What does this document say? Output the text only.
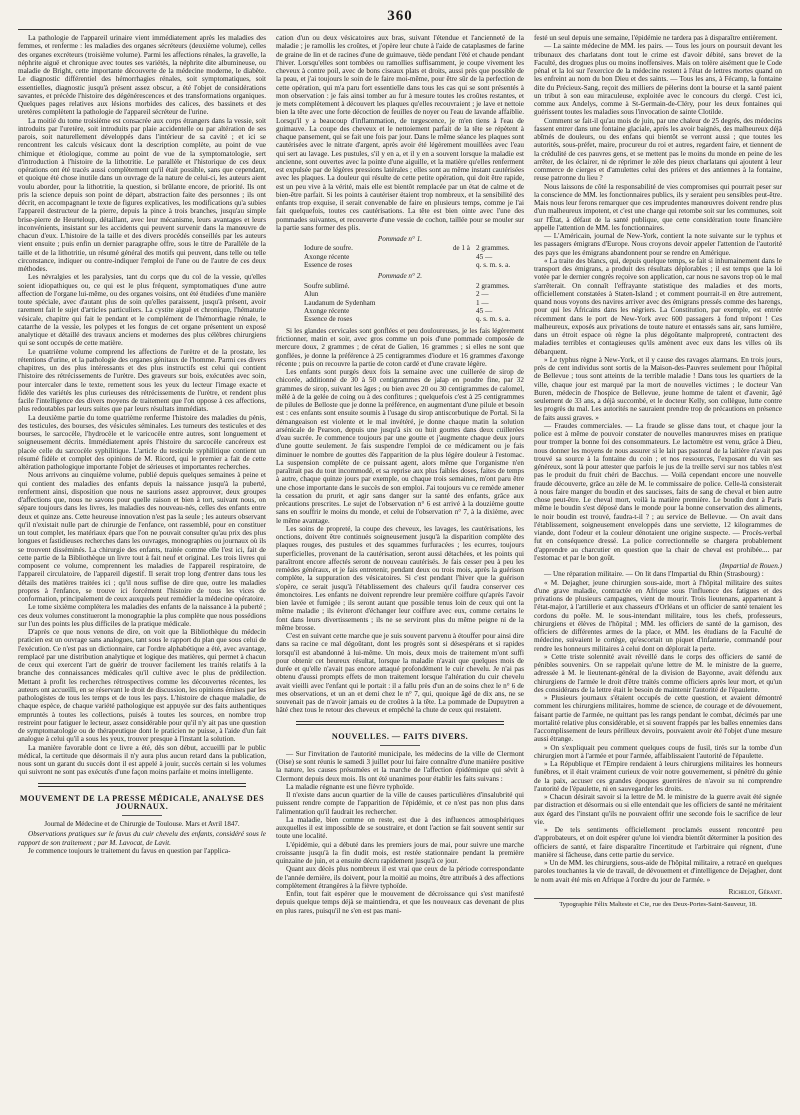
360

La pathologie de l'appareil urinaire vient immédiatement après les maladies des femmes, et renferme : les maladies des organes sécréteurs (deuxième volume), celles des organes excréteurs (troisième volume). Parmi les affections rénales, la gravelle, la néphrite aiguë et chronique avec toutes ses variétés, la néphrite dite albumineuse, ou maladie de Bright, cette importante découverte de la médecine moderne, le diabète. Le diagnostic différentiel des hémorrhagies rénales, soit symptomatiques, soit essentielles, diagnostic jusqu'à présent assez obscur, a été l'objet de considérations savantes, et précède l'histoire des dégénérescences et des transformations organiques. Quelques pages relatives aux lésions morbides des calices, des bassinets et des uretères complètent la pathologie de l'appareil sécréteur de l'urine.

La moitié du tome troisième est consacrée aux corps étrangers dans la vessie, soit introduits par l'uretère, soit introduits par plaie accidentelle ou par altération de ses parois, soit naturellement développés dans l'intérieur de sa cavité ; et ici se rencontrent les calculs vésicaux dont la description complète, au point de vue chimique et étiologique, comme au point de vue de la symptomatologie, sert d'introduction à l'histoire de la lithotritie. Le parallèle et l'historique de ces deux opérations ont été tracés aussi complètement qu'il était possible, sans que cependant, et quoique été chose inutile dans un ouvrage de la nature de celui-ci, les auteurs aient voulu aborder, pour la lithotritie, la question, si brûlante encore, de priorité. Ils ont pris la science depuis son point de départ, abstraction faite des personnes ; ils ont décrit, en accompagnant le texte de figures explicatives, les modifications qu'a subies l'appareil destructeur de la pierre, depuis la pince à trois branches, jusqu'au simple brise-pierre de Heurteloup, détaillant, avec leur mécanisme, leurs avantages et leurs inconvénients, insistant sur les accidents qui peuvent survenir dans la manœuvre de chacun d'eux. L'histoire de la taille et des divers procédés conseillés par les auteurs vient ensuite ; puis enfin un dernier paragraphe offre, sous le titre de Parallèle de la taille et de la lithotritie, un résumé général des motifs qui peuvent, dans telle ou telle circonstance, indiquer ou contre-indiquer l'emploi de l'une ou de l'autre de ces deux méthodes.

Les névralgies et les paralysies, tant du corps que du col de la vessie, qu'elles soient idiopathiques ou, ce qui est le plus fréquent, symptomatiques d'une autre affection de l'organe lui-même, ou des organes voisins, ont été étudiées d'une manière toute spéciale, avec d'autant plus de soin qu'elles paraissent, jusqu'à présent, avoir rarement fait le sujet d'articles particuliers. La cystite aiguë et chronique, l'hématurie vésicale, chapitre qui fait le pendant et le complément de l'hémorrhagie rénale, le catarrhe de la vessie, les polypes et les fongus de cet organe présentent un exposé analytique et détaillé des travaux anciens et modernes des plus célèbres chirurgiens qui se sont occupés de cette matière.

Le quatrième volume comprend les affections de l'urètre et de la prostate, les rétentions d'urine, et la pathologie des organes génitaux de l'homme. Parmi ces divers chapitres, un des plus intéressants et des plus instructifs est celui qui contient l'histoire des rétrécissements de l'urètre. Des graveurs sur bois, exécutées avec soin, pour intercaler dans le texte, remettent sous les yeux du lecteur l'image exacte et fidèle des variétés les plus curieuses des rétrécissements de l'urètre, et rendent plus facile l'intelligence des divers moyens de traitement que l'on oppose à ces affections, plus redoutables par leurs suites que par leurs résultats immédiats.

La deuxième partie du tome quatrième renferme l'histoire des maladies du pénis, des testicules, des bourses, des vésicules séminales. Les tumeurs des testicules et des bourses, le sarcocèle, l'hydrocèle et le varicocèle entre autres, sont longuement et soigneusement décrits. Immédiatement après l'histoire du sarcocèle cancéreux est placée celle du sarcocèle syphilitique. L'article du testicule syphilitique contient un résumé fidèle et complet des opinions de M. Ricord, qui le premier a fait de cette altération pathologique importante l'objet de sérieuses et importantes recherches.

Nous arrivons au cinquième volume, publié depuis quelques semaines à peine et qui contient des maladies des enfants depuis la naissance jusqu'à la puberté, renferment ainsi, disposition que nous ne saurions assez approuver, deux groupes d'affections que, nous ne savons pour quelle raison et bien à tort, suivant nous, on sépare toujours dans les livres, les maladies des nouveau-nés, celles des enfants entre deux et quinze ans. Cette heureuse innovation n'est pas la seule ; les auteurs observant qu'il n'existait nulle part de chirurgie de l'enfance, ont rassemblé, pour en constituer un tout complet, les matériaux épars que l'on ne pouvait consulter qu'au prix des plus longues et fastidieuses recherches dans les ouvrages, monographies ou journaux où ils se trouvent disséminés. La chirurgie des enfants, traitée comme elle l'est ici, fait de cette partie de la Bibliothèque un livre tout à fait neuf et original. Les trois livres qui composent ce volume, comprennent les maladies de l'appareil respiratoire, de l'appareil circulatoire, de l'appareil digestif. Il serait trop long d'entrer dans tous les détails des matières traitées ici ; qu'il nous suffise de dire que, outre les maladies propres à l'enfance, se trouve ici forcément l'histoire de tous les vices de conformation, principalement de ceux auxquels peut remédier la médecine opératoire.

Le tome sixième complétera les maladies des enfants de la naissance à la puberté ; ces deux volumes constitueront la monographie la plus complète que nous possédions sur l'un des points les plus difficiles de la pratique médicale.

D'après ce que nous venons de dire, on voit que la Bibliothèque du médecin praticien est un ouvrage sans analogues, tant sous le rapport du plan que sous celui de l'exécution. Ce n'est pas un dictionnaire, car l'ordre alphabétique a été, avec avantage, remplacé par une distribution analytique et logique des matières, qui permet à chacun de ceux qui exercent l'art de guérir de trouver facilement les traités relatifs à la branche des connaissances médicales qu'il cultive avec le plus de prédilection. Mettant à profit les recherches rétrospectives comme les découvertes récentes, les auteurs ont accueilli, en se réservant le droit de discussion, les opinions émises par les pathologistes de tous les temps et de tous les pays. L'histoire de chaque maladie, de chaque espèce, de chaque variété pathologique est appuyée sur des faits authentiques empruntés à toutes les collections, puisés à toutes les sources, en nombre trop restreint pour fatiguer le lecteur, assez considérable pour qu'il n'y ait pas une question de symptomatologie ou de thérapeutique dont le praticien ne puisse, à l'aide d'un fait analogue à celui qu'il a sous les yeux, trouver presque à l'instant la solution.

La manière favorable dont ce livre a été, dès son début, accueilli par le public médical, la certitude que désormais il n'y aura plus aucun retard dans la publication, nous sont un garant du succès dont il est appelé à jouir, succès certain si les volumes qui suivront ne sont pas exécutés d'une façon moins parfaite et moins intelligente.

MOUVEMENT DE LA PRESSE MÉDICALE, ANALYSE DES JOURNAUX.
Journal de Médecine et de Chirurgie de Toulouse. Mars et Avril 1847.

Observations pratiques sur le favus du cuir chevelu des enfants, considéré sous le rapport de son traitement ; par M. Lavocat, de Lavit.

Je commence toujours le traitement du favus en question par l'applica-

cation d'un ou deux vésicatoires aux bras, suivant l'étendue et l'ancienneté de la maladie ; je ramollis les croûtes, et j'opère leur chute à l'aide de cataplasmes de farine de graine de lin et de racines d'une de guimauve, tiède pendant l'été et chaude pendant l'hiver. Lorsqu'elles sont tombées ou ramollies suffisamment, je coupe vivement les cheveux à contre poil, avec de bons ciseaux plats et droits, aussi près que possible de la peau, et j'ai toujours le soin de le faire moi-même, pour être sûr de la perfection de cette opération, qui m'a paru fort essentielle dans tous les cas qui se sont présentés à mon observation : je fais ainsi tomber au fur à mesure toutes les croûtes restantes, et je mets complètement à découvert les plaques qu'elles recouvraient ; je lave et nettoie bien la tête avec une forte décoction de feuilles de noyer ou l'eau de lavande affaiblie. Lorsqu'il y a beaucoup d'inflammation, de turgescence, je m'en tiens à l'eau de guimauve. La coupe des cheveux et le nettoiement parfait de la tête se répètent à chaque pansement, qui se fait une fois par jour. Dans le même séance les plaques sont cautérisées avec le nitrate d'argent, après avoir été légèrement mouillées avec l'eau qui sert au lavage. Les pustules, s'il y en a, et il y en a souvent lorsque la maladie est ancienne, sont ouvertes avec la pointe d'une aiguille, et la matière qu'elles renferment est expulsée par de légères pressions latérales ; elles sont au même instant cautérisées avec les plaques. La douleur qui résulte de cette petite opération, qui doit être rapide, est un peu vive à la vérité, mais elle est bientôt remplacée par un état de calme et de bien-être parfait. Si les points à cautériser étaient trop nombreux, et la sensibilité des enfants trop exquise, il serait convenable de faire en plusieurs temps, comme je l'ai fait quelquefois, toutes ces cautérisations. La tête est bien ointe avec l'une des pommades suivantes, et recouverte d'une vessie de cochon, taillée pour se mouler sur la partie sans former des plis.

Pommade n° 1.
Iodure de soufre.	de 1 à 2 grammes.
Axonge récente	45 —
Essence de roses	q. s. m. s. a.
Pommade n° 2.
Soufre sublimé.	2 grammes.
Alun	2 —
Laudanum de Sydenham	1 —
Axonge récente	45 —
Essence de roses	q. s. m. s. a.

Si les glandes cervicales sont gonflées et peu douloureuses, je les fais légèrement frictionner, matin et soir, avec gros comme un pois d'une pommade composée de mercure doux, 2 grammes ; de cérat de Galien, 16 grammes ; si elles ne sont que gonflées, je donne la préférence à 25 centigrammes d'iodure et 16 grammes d'axonge récente ; puis on recouvre la partie de coton cardé et d'une cravate légère.

Les enfants sont purgés deux fois la semaine avec une cuillerée de sirop de chicorée, additionné de 30 à 50 centigrammes de jalap en poudre fine, par 32 grammes de sirop, suivant les âges ; ou bien avec 20 ou 30 centigrammes de calomel, mêlé à de la gelée de coing ou à des confitures ; quelquefois c'est à 25 centigrammes de pilules de Belloste que je donne la préférence, en augmentant d'une pilule et besoin est : ces enfants sont ensuite soumis à l'usage du sirop antiscorbutique de Portal. Si la démangeaison est violente et le mal invétéré, je donne chaque matin la solution arsénicale de Pearson, depuis une jusqu'à six ou huit gouttes dans deux cuillerées d'eau sucrée. Je commence toujours par une goutte et j'augmente chaque deux jours d'une goutte seulement. Je fais suspendre l'emploi de ce médicament ou je fais diminuer le nombre de gouttes dès l'apparition de la plus légère douleur à l'estomac. La suspension complète de ce puissant agent, alors même que l'organisme n'en paraîtrait pas du tout incommodé, et sa reprise aux plus faibles doses, faites de temps à autre, chaque quinze jours par exemple, ou chaque trois semaines, m'ont paru être une chose importante dans le succès de son emploi. J'ai toujours vu ce remède amener la cessation du prurit, et agir sans danger sur la santé des enfants, grâce aux précautions prescrites. Le sujet de l'observation n° 6 est arrivé à la douzième goutte sans en souffrir le moins du monde, et celui de l'observation n° 7, à la dixième, avec le même avantage.

Les soins de propreté, la coupe des cheveux, les lavages, les cautérisations, les onctions, doivent être continués soigneusement jusqu'à la disparition complète des plaques rouges, des pustules et des squammes furfuracées ; les ecurres, toujours superficielles, provenant de la cautérisation, seront aussi détachées, et les points qui paraîtront encore affectés seront de nouveau cautérisés. Je fais cesser peu à peu les remèdes généraux, et je fais entretenir, pendant deux ou trois mois, après la guérison complète, la suppuration des vésicatoires. Si c'est pendant l'hiver que la guérison s'opère, ce serait jusqu'à l'établissement des chaleurs qu'il faudra conserver ces émonctoires. Les enfants ne doivent reprendre leur première coiffure qu'après l'avoir bien lavée et fumigée ; ils seront autant que possible tenus loin de ceux qui ont la même maladie ; ils éviteront d'échanger leur coiffure avec eux, comme certains le font dans leurs divertissements ; ils ne se serviront plus du même peigne ni de la même brosse.

C'est en suivant cette marche que je suis souvent parvenu à étouffer pour ainsi dire dans sa racine ce mal dégoûtant, dont les progrès sont si désespérans et si rapides lorsqu'il est abandonné à lui-même. Un mois, deux mois de traitement m'ont suffi pour obtenir cet heureux résultat, lorsque la maladie n'avait que quelques mois de durée et qu'elle n'avait pas encore attaqué profondément le cuir chevelu. Je n'ai pas obtenu d'aussi prompts effets de mon traitement lorsque l'altération du cuir chevelu avait vieilli avec l'enfant qui le portait : il a fallu près d'un an de soins chez le n° 6 de mes observations, et un an et demi chez le n° 7, qui, quoique âgé de dix ans, ne se souvenait pas de n'avoir jamais eu de croûtes à la tête. La pommade de Dupuytren a hâté chez tous le retour des cheveux et empêché la chute de ceux qui restaient.

NOUVELLES. — FAITS DIVERS.

— Sur l'invitation de l'autorité municipale, les médecins de la ville de Clermont (Oise) se sont réunis le samedi 3 juillet pour lui faire connaître d'une manière positive la nature, les causes présumées et la marche de l'affection épidémique qui sévit à Clermont depuis deux mois. Ils ont été unanimes pour établir les faits suivans :

La maladie régnante est une fièvre typhoïde.

Il n'existe dans aucun quartier de la ville de causes particulières d'insalubrité qui puissent rendre compte de l'apparition de l'épidémie, et ce n'est pas non plus dans l'alimentation qu'il faudrait les rechercher.

La maladie, bien comme on reste, est due à des influences atmosphériques auxquelles il est impossible de se soustraire, et dont l'action se fait souvent sentir sur toute une localité.

L'épidémie, qui a débuté dans les premiers jours de mai, pour suivre une marche croissante jusqu'à la fin dudit mois, est restée stationnaire pendant la première quinzaine de juin, et a ensuite décru rapidement jusqu'à ce jour.

Quant aux décès plus nombreux il est vrai que ceux de la période correspondante de l'année dernière, ils doivent, pour la moitié au moins, être attribués à des affections complètement étrangères à la fièvre typhoïde.

Enfin, tout fait espérer que le mouvement de décroissance qui s'est manifesté depuis quelque temps déjà se maintiendra, et que les nouveaux cas devenant de plus en plus rares, puisqu'il ne s'en est pas mani-

festé un seul depuis une semaine, l'épidémie ne tardera pas à disparaître entièrement.

— La sainte médecine de MM. les pairs. — Tous les jours on poursuit devant les tribunaux des charlatans dont tout le crime est d'avoir débité, sans brevet de la Faculté, des drogues plus ou moins inoffensives. Mais on tolère aisément que le Code pénal et la loi sur l'exercice de la médecine restent à l'état de lettres mortes quand on les enfreint au nom du bon Dieu et des saints. — Tous les ans, à Fécamp, la fontaine dite du Précieux-Sang, reçoit des milliers de pèlerins dont la bourse et la santé paient un tribut à son eau miraculeuse, exploitée avec le concours du clergé. C'est ici, comme aux Andelys, comme à St-Germain-de-Cléry, pour les deux fontaines qui guérissent toutes les maladies sous l'invocation de sainte Clotilde.

Comment se fait-il qu'au mois de juin, par une chaleur de 25 degrés, des médecins fassent entrer dans une fontaine glaciale, après les avoir baignés, des malheureux déjà abîmés de douleurs, ou des enfans qui bientôt se verront aussi ; que toutes les autorités, sous-préfet, maire, procureur du roi et autres, regardent faire, et tiennent de la crédulité de ces pauvres gens, et se mettent pas le moins du monde en peine de les arrêter, de les éclairer, ni de réprimer le zèle des pieux charlatans qui ajoutent à leur commerce de cierges et d'amulettes celui des prières et des antiennes à la fontaine, reuse patronne du lieu ?

Nous laissons de côté la responsabilité de vies compromises qui pourrait peser sur la conscience de MM. les fonctionnaires publics, ils y seraient peu sensibles peut-être. Mais nous leur ferons remarquer que ces imprudentes manœuvres doivent rendre plus d'un malheureux impotent, et c'est une charge qui retombe soit sur les communes, soit sur l'État, à défaut de la santé publique, que cette considération toute financière appelle l'attention de MM. les fonctionnaires.

— L'Américain, journal de New-York, contient la note suivante sur le typhus et les passagers émigrans d'Europe. Nous croyons devoir appeler l'attention de l'autorité des pays que les émigrans abandonnent pour se rendre en Amérique.

« La traite des blancs, qui, depuis quelque temps, se fait si inhumainement dans le transport des émigrans, a produit des résultats déplorables ; il est temps que la loi votée par le dernier congrès reçoive son application, car nous ne savons trop où le mal s'arrêterait. On connaît l'effrayante statistique des maladies et des morts, officiellement constatées à Staten-Island ; et comment pourrait-il en être autrement, quand nous voyons des navires arriver avec des émigrans pressés comme des harengs, pour qui les Africains dans les négriers. La Constitution, par exemple, est entrée récemment dans le port de New-York avec 600 passagers à fond trépont ! Ces malheureux, exposés aux privations de toute nature et entassés sans air, sans lumière, dans un étroit espace où règne la plus dégoûtante malpropreté, contractent des maladies terribles et contagieuses qu'ils amènent avec eux dans les villes où ils débarquent.

» Le typhus règne à New-York, et il y cause des ravages alarmans. En trois jours, près de cent individus sont sortis de la Maison-des-Pauvres seulement pour l'hôpital de Bellevue ; tous sont atteints de la terrible maladie ! Dans tous les quartiers de la ville, chaque jour est marqué par la mort de nouvelles victimes ; le docteur Van Buren, médecin de l'hospice de Bellevue, jeune homme de talent et d'avenir, âgé seulement de 33 ans, a déjà succombé, et le docteur Kelly, son collègue, lutte contre les progrès du mal. Les autorités ne sauraient prendre trop de précautions en présence de faits aussi graves. »

— Fraudes commerciales. — La fraude se glisse dans tout, et chaque jour la police est à même de pouvoir constater de nouvelles manœuvres mises en pratique pour tromper la bonne foi des consommateurs. Le lactomètre est venu, grâce à Dieu, nous donner les moyens de nous assurer si le lait pas pastoral de la laitière n'avait pas trouvé sa source à la fontaine du coin ; et nos ressources, l'exposant du vin ses généreux, sont là pour attester que parfois le jus de la treille servi sur nos tables n'est pas le produit du fruit chéri de Bacchus. — Voilà cependant encore une nouvelle fraude découverte, grâce au zèle de M. le commissaire de police. Celle-là consisterait à nous faire manger du boudin et des saucisses, faits de sang de cheval et bien autre chose peut-être. Le cheval mort, voilà la matière première. Le boudin dont à Paris même le boudin s'est déposé dans le monde pour la bonne conservation des aliments, le noir boudin est trouvé, faudra-t-il ? ; au service de Bellevue. — On avait dans l'établissement, soigneusement enveloppés dans une serviette, 12 kilogrammes de viande, dont l'odeur et la couleur dénotaient une origine suspecte. — Procès-verbal fut en conséquence dressé. La police correctionnelle se chargera probablement d'apprendre au charcutier en question que la chair de cheval est prohibée.... par l'estomac et par le bon goût.

(Impartial de Rouen.)

— Une réparation militaire. — On lit dans l'Impartial du Rhin (Strasbourg) :

« M. Dejagher, jeune chirurgien sous-aide, mort à l'hôpital militaire des suites d'une grave maladie, contractée en Afrique sous l'influence des fatigues et des privations de plusieurs campagnes, vient de mourir. Trois lieutenans, appartenant à l'état-major, à l'artillerie et aux chasseurs d'Orléans et un officier de santé tenaient les cordons du poêle. M. le sous-intendant militaire, tous les chefs, professeurs, chirurgiens et élèves de l'hôpital ; MM. les officiers de santé de la garnison, des officiers de différentes armes de la place, et MM. les étudians de la Faculté de médecine, suivaient le cortège, qu'escortait un piquet d'infanterie, commandé pour rendre les honneurs militaires à celui dont on déplorait la perte.

» Cette triste solennité avait réveillé dans le corps des officiers de santé de pénibles souvenirs. On se rappelait qu'une lettre de M. le ministre de la guerre, adressée à M. le lieutenant-général de la division de Bayonne, avait défendu aux chirurgiens de l'armée le droit d'être traités comme officiers après leur mort, et qu'un des considérans de la lettre était le besoin de maintenir l'autorité de l'épaulette.

» Plusieurs journaux s'étaient occupés de cette question, et avaient démontré comment les chirurgiens militaires, homme de science, de courage et de dévouement, faisant partie de l'armée, ne quittant pas les rangs pendant le combat, décimés par une mortalité relative plus considérable, et si souvent frappés par les balles ennemies dans l'accomplissement de leurs périlleux devoirs, pouvaient avoir été l'objet d'une mesure aussi étrange.

» On s'expliquait peu comment quelques coups de fusil, tirés sur la tombe d'un chirurgien mort à l'armée et pour l'armée, affaiblissaient l'autorité de l'épaulette.

» La République et l'Empire rendaient à leurs chirurgiens militaires les honneurs funèbres, et il était vraiment curieux de voir notre gouvernement, si pénétré du génie de la paix, accuser ces grandes époques guerrières de n'avoir su ni comprendre l'autorité de l'épaulette, ni en sauvegarder les droits.

» Chacun désirait savoir si la lettre de M. le ministre de la guerre avait été signée par distraction et désormais ou si elle entendait que les officiers de santé ne méritaient aux égard des l'instant qu'ils ne pouvaient offrir une seconde fois le sacrifice de leur vie.

» De tels sentiments officiellement proclamés eussent rencontré peu d'approbateurs, et on doit espérer qu'une loi viendra bientôt déterminer la position des officiers de santé, et faire disparaître l'incertitude et l'arbitraire qui régnent, d'une manière si fâcheuse, dans cette partie du service.

» Un de MM. les chirurgiens, sous-aide de l'hôpital militaire, a retracé en quelques paroles touchantes la vie de travail, de dévouement et d'intelligence de Dejagher, dont le nom avait été mis en Afrique à l'ordre du jour de l'armée. »

Richelot, Gérant.
Typographie Félix Malteste et Cie, rue des Deux-Portes-Saint-Sauveur, 18.
